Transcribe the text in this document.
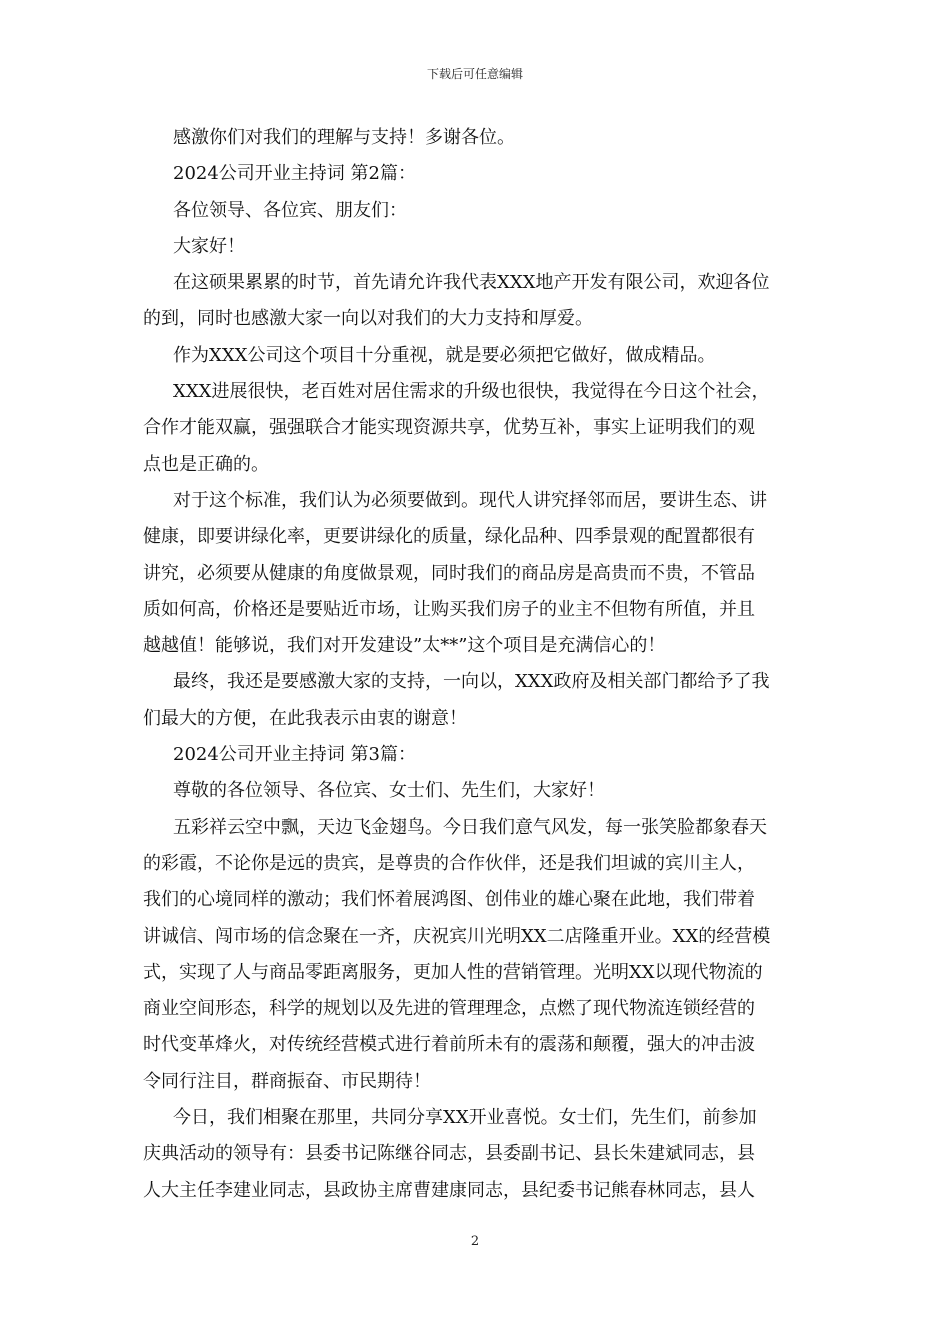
下载后可任意编辑
感激你们对我们的理解与支持！多谢各位。
2024公司开业主持词 第2篇：
各位领导、各位宾、朋友们：
大家好！
在这硕果累累的时节，首先请允许我代表XXX地产开发有限公司，欢迎各位
的到，同时也感激大家一向以对我们的大力支持和厚爱。
作为XXX公司这个项目十分重视，就是要必须把它做好，做成精品。
XXX进展很快，老百姓对居住需求的升级也很快，我觉得在今日这个社会，
合作才能双赢，强强联合才能实现资源共享，优势互补，事实上证明我们的观
点也是正确的。
对于这个标准，我们认为必须要做到。现代人讲究择邻而居，要讲生态、讲
健康，即要讲绿化率，更要讲绿化的质量，绿化品种、四季景观的配置都很有
讲究，必须要从健康的角度做景观，同时我们的商品房是高贵而不贵，不管品
质如何高，价格还是要贴近市场，让购买我们房子的业主不但物有所值，并且
越越值！能够说，我们对开发建设”太**”这个项目是充满信心的！
最终，我还是要感激大家的支持，一向以，XXX政府及相关部门都给予了我
们最大的方便，在此我表示由衷的谢意！
2024公司开业主持词 第3篇：
尊敬的各位领导、各位宾、女士们、先生们，大家好！
五彩祥云空中飘，天边飞金翅鸟。今日我们意气风发，每一张笑脸都象春天
的彩霞，不论你是远的贵宾，是尊贵的合作伙伴，还是我们坦诚的宾川主人，
我们的心境同样的激动；我们怀着展鸿图、创伟业的雄心聚在此地，我们带着
讲诚信、闯市场的信念聚在一齐，庆祝宾川光明XX二店隆重开业。XX的经营模
式，实现了人与商品零距离服务，更加人性的营销管理。光明XX以现代物流的
商业空间形态，科学的规划以及先进的管理理念，点燃了现代物流连锁经营的
时代变革烽火，对传统经营模式进行着前所未有的震荡和颠覆，强大的冲击波
令同行注目，群商振奋、市民期待！
今日，我们相聚在那里，共同分享XX开业喜悦。女士们，先生们，前参加
庆典活动的领导有：县委书记陈继谷同志，县委副书记、县长朱建斌同志，县
人大主任李建业同志，县政协主席曹建康同志，县纪委书记熊春林同志，县人
2
